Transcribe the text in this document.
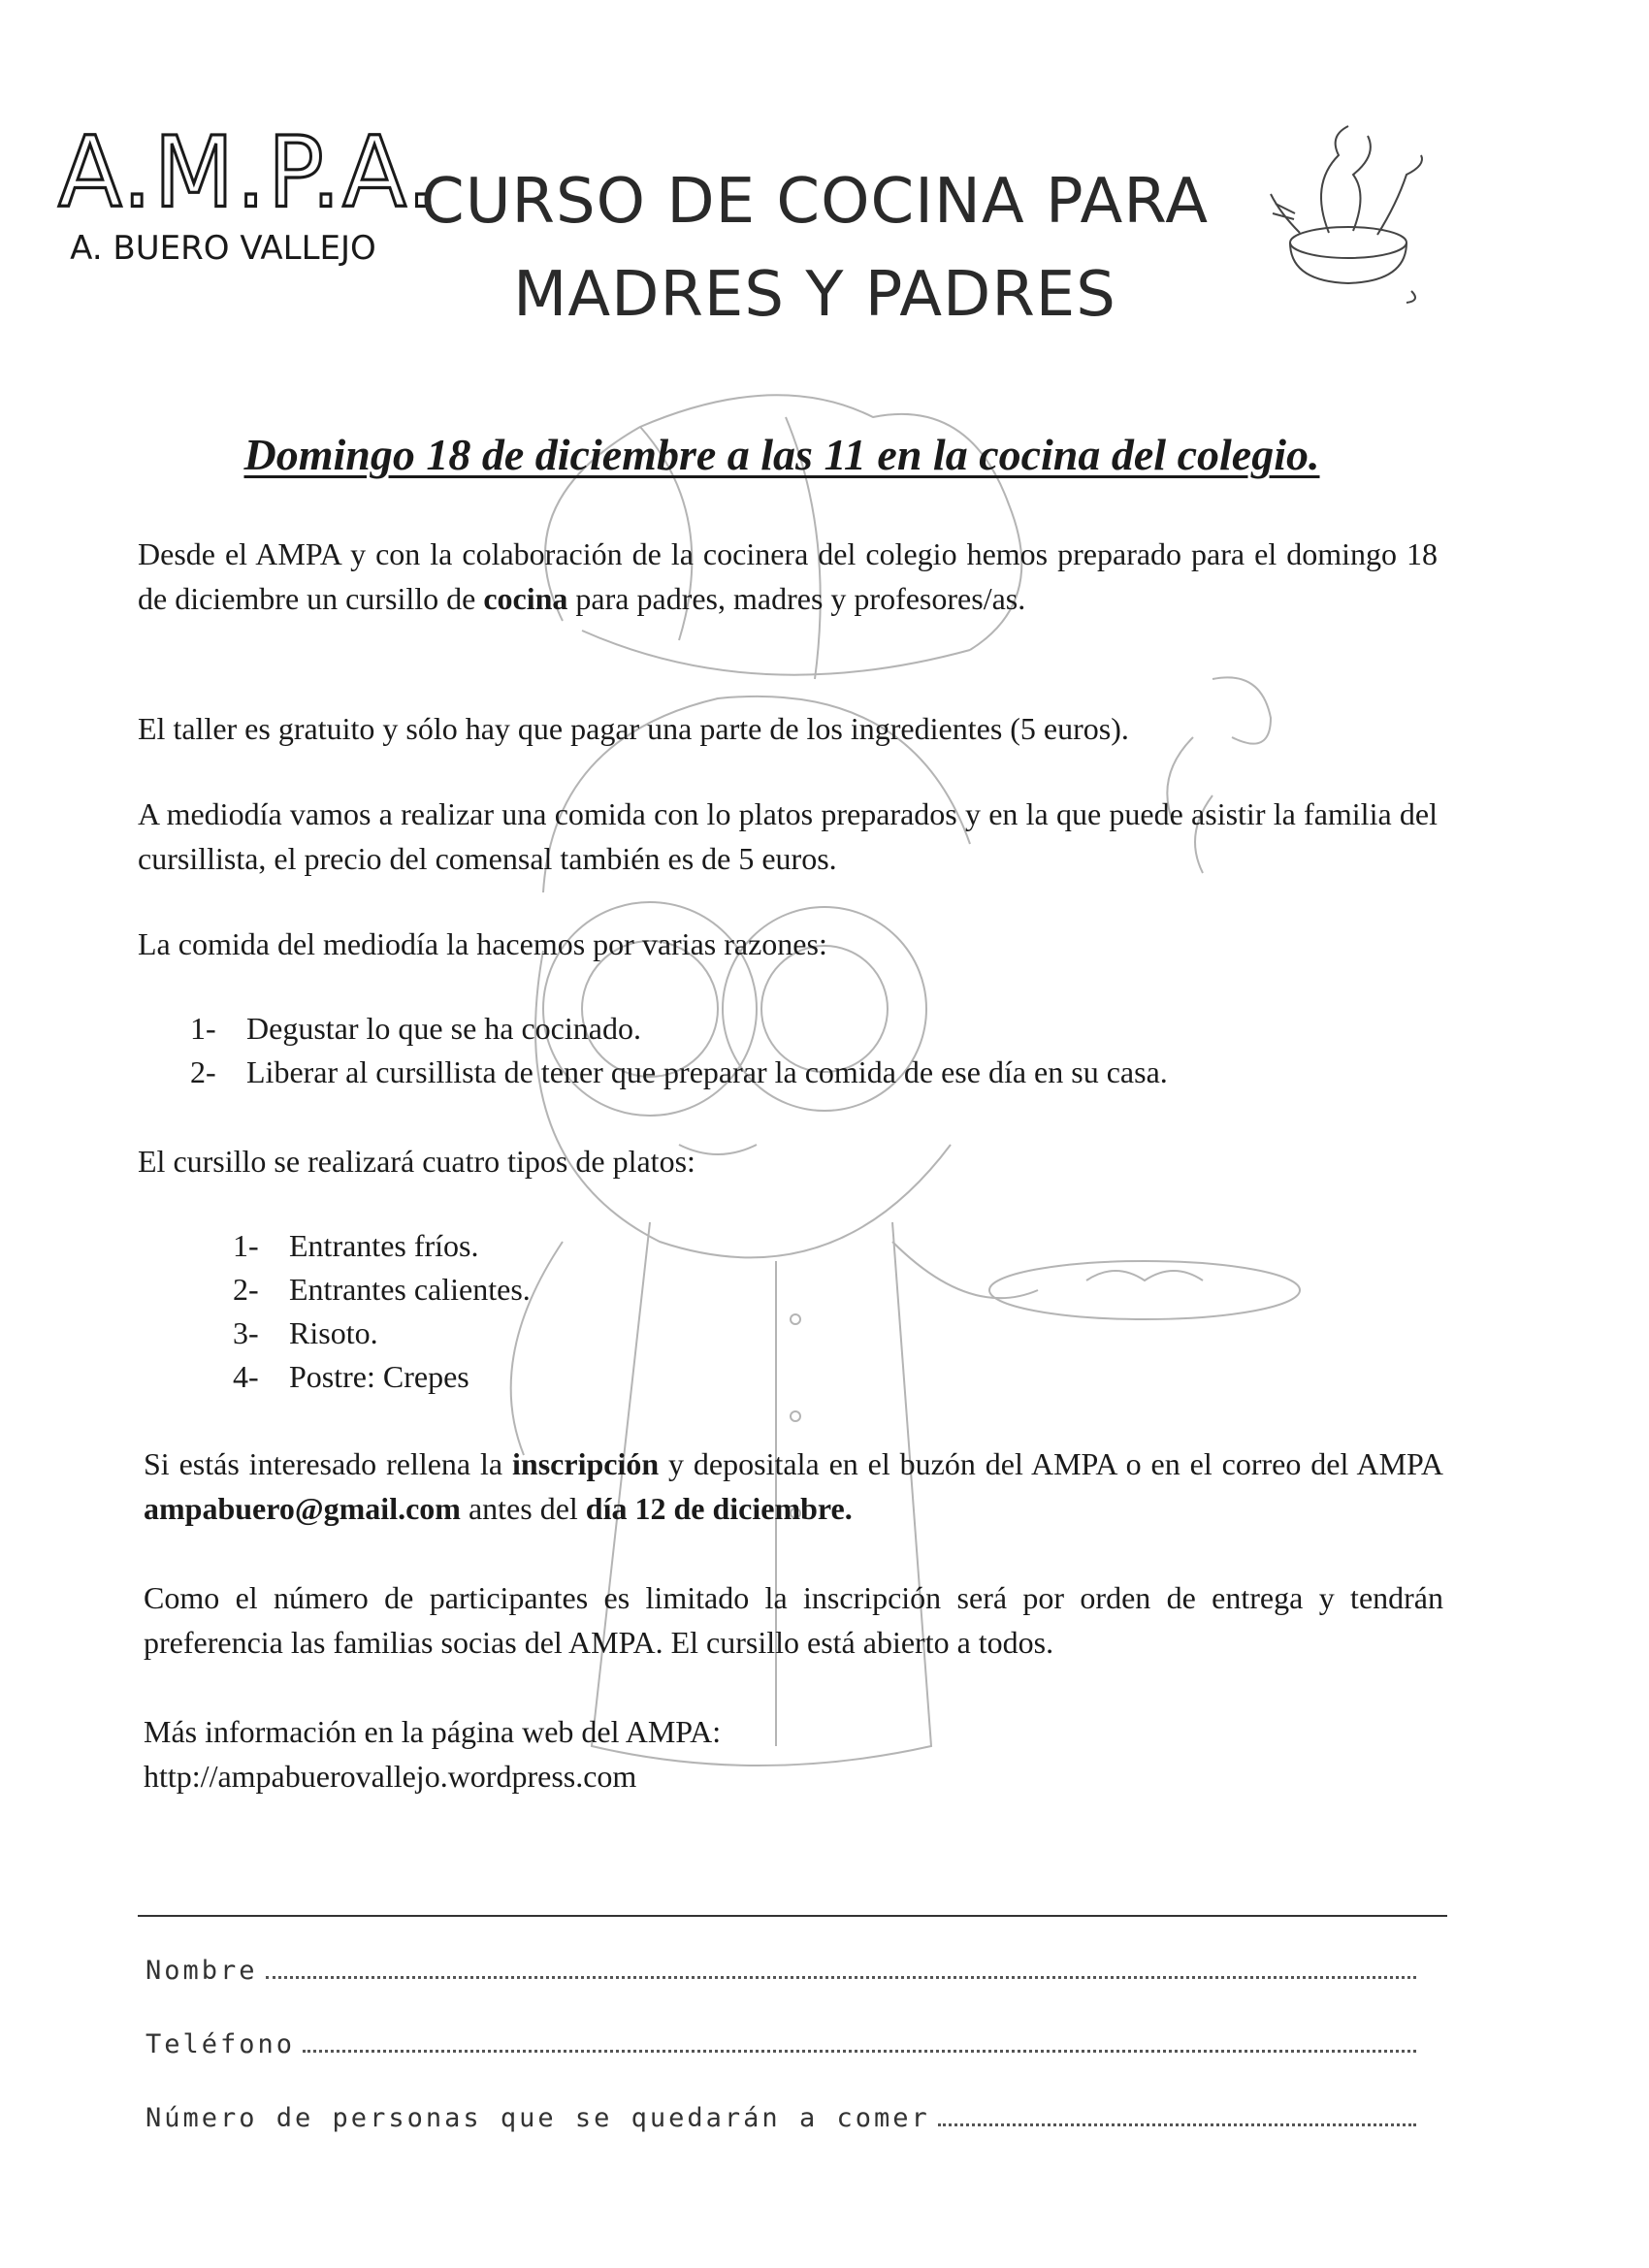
A.M.P.A.
A. BUERO VALLEJO
CURSO DE COCINA PARA
MADRES Y PADRES
Domingo 18 de diciembre a las 11 en la cocina del colegio.
Desde el AMPA y con la colaboración de la cocinera del colegio hemos preparado para el domingo 18 de diciembre un cursillo de cocina para padres, madres y profesores/as.
El taller es gratuito y sólo hay que pagar una parte de los ingredientes (5 euros).
A mediodía vamos a realizar una comida con lo platos preparados y en la que puede asistir la familia del cursillista, el precio del comensal también es de 5 euros.
La comida del mediodía la hacemos por varias razones:
1- Degustar lo que se ha cocinado.
2- Liberar al cursillista de tener que preparar la comida de ese día en su casa.
El cursillo se realizará cuatro tipos de platos:
1- Entrantes fríos.
2- Entrantes calientes.
3- Risoto.
4- Postre: Crepes
Si estás interesado rellena la inscripción y depositala en el buzón del AMPA o en el correo del AMPA ampabuero@gmail.com antes del día 12 de diciembre.
Como el número de participantes es limitado la inscripción será por orden de entrega y tendrán preferencia las familias socias del AMPA. El cursillo está abierto a todos.
Más información en la página web del AMPA:
http://ampabuerovallejo.wordpress.com
Nombre
Teléfono
Número de personas que se quedarán a comer
